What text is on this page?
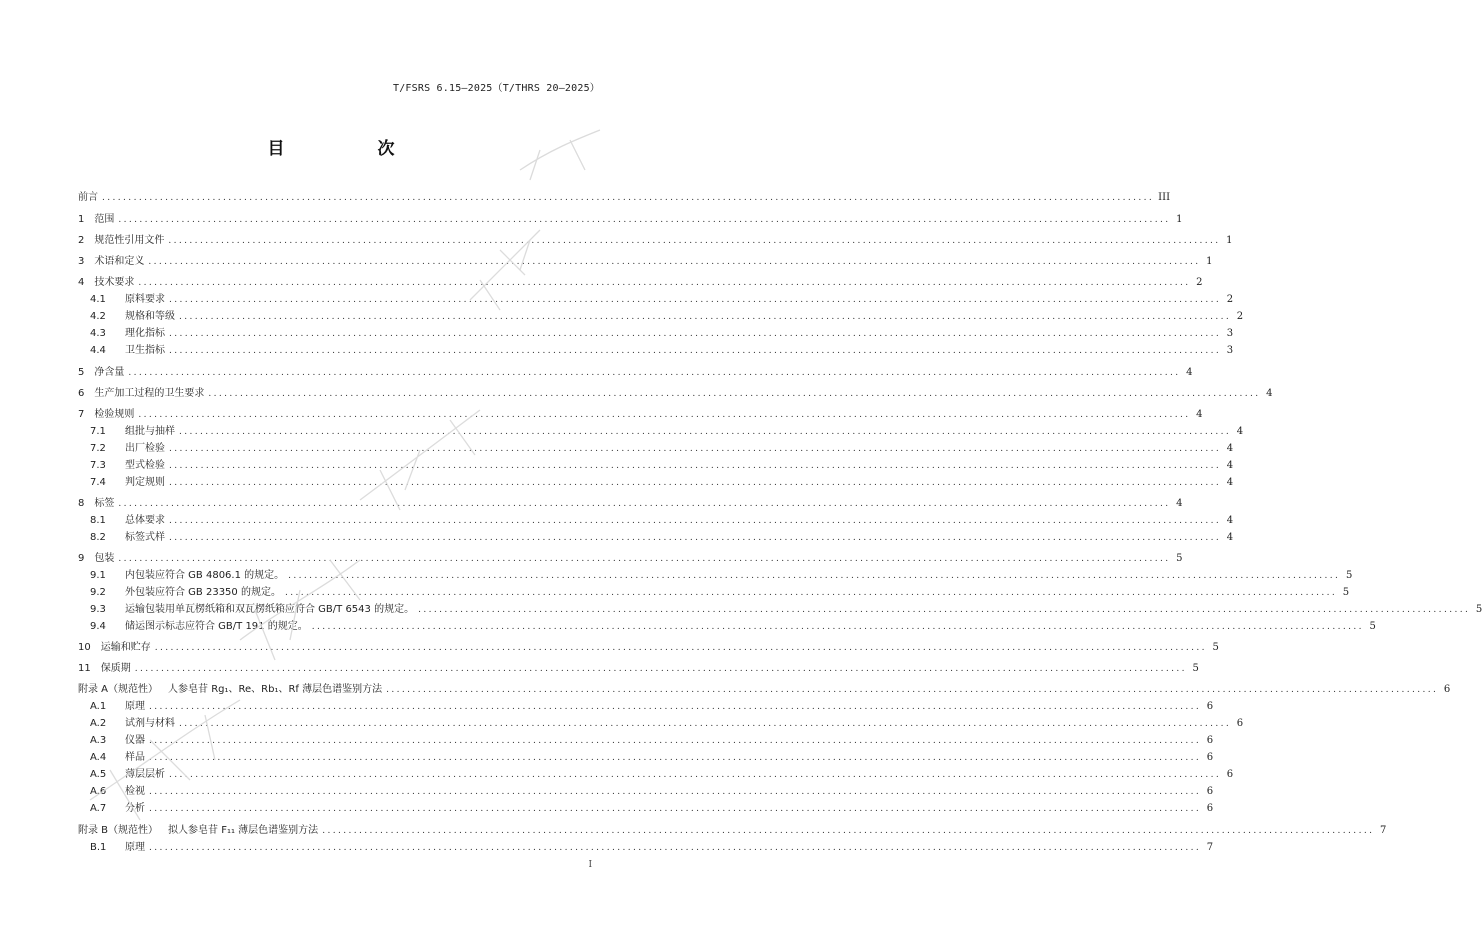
T/FSRS 6.15—2025（T/THRS 20—2025）
目　次
前言 ........................................................................................................................................................................................................ III
1 范围 ........................................................................................................................................................................................................ 1
2 规范性引用文件 ........................................................................................................................................................................................................ 1
3 术语和定义 ........................................................................................................................................................................................................ 1
4 技术要求 ........................................................................................................................................................................................................ 2
4.1	原料要求 ........................................................................................................................................................................................................ 2
4.2	规格和等级 ........................................................................................................................................................................................................ 2
4.3	理化指标 ........................................................................................................................................................................................................ 3
4.4	卫生指标 ........................................................................................................................................................................................................ 3
5 净含量 ........................................................................................................................................................................................................ 4
6 生产加工过程的卫生要求 ........................................................................................................................................................................................................ 4
7 检验规则 ........................................................................................................................................................................................................ 4
7.1	组批与抽样 ........................................................................................................................................................................................................ 4
7.2	出厂检验 ........................................................................................................................................................................................................ 4
7.3	型式检验 ........................................................................................................................................................................................................ 4
7.4	判定规则 ........................................................................................................................................................................................................ 4
8 标签 ........................................................................................................................................................................................................ 4
8.1	总体要求 ........................................................................................................................................................................................................ 4
8.2	标签式样 ........................................................................................................................................................................................................ 4
9 包装 ........................................................................................................................................................................................................ 5
9.1	内包装应符合 GB 4806.1 的规定。 ........................................................................................................................................................................................................ 5
9.2	外包装应符合 GB 23350 的规定。 ........................................................................................................................................................................................................ 5
9.3	运输包装用单瓦楞纸箱和双瓦楞纸箱应符合 GB/T 6543 的规定。 ........................................................................................................................................................................................................ 5
9.4	储运图示标志应符合 GB/T 191 的规定。 ........................................................................................................................................................................................................ 5
10 运输和贮存 ........................................................................................................................................................................................................ 5
11 保质期 ........................................................................................................................................................................................................ 5
附录 A（规范性） 人参皂苷 Rg₁、Re、Rb₁、Rf 薄层色谱鉴别方法 ........................................................................................................................................................................................................ 6
A.1	原理 ........................................................................................................................................................................................................ 6
A.2	试剂与材料 ........................................................................................................................................................................................................ 6
A.3	仪器 ........................................................................................................................................................................................................ 6
A.4	样品 ........................................................................................................................................................................................................ 6
A.5	薄层层析 ........................................................................................................................................................................................................ 6
A.6	检视 ........................................................................................................................................................................................................ 6
A.7	分析 ........................................................................................................................................................................................................ 6
附录 B（规范性） 拟人参皂苷 F₁₁ 薄层色谱鉴别方法 ........................................................................................................................................................................................................ 7
B.1	原理 ........................................................................................................................................................................................................ 7
I
